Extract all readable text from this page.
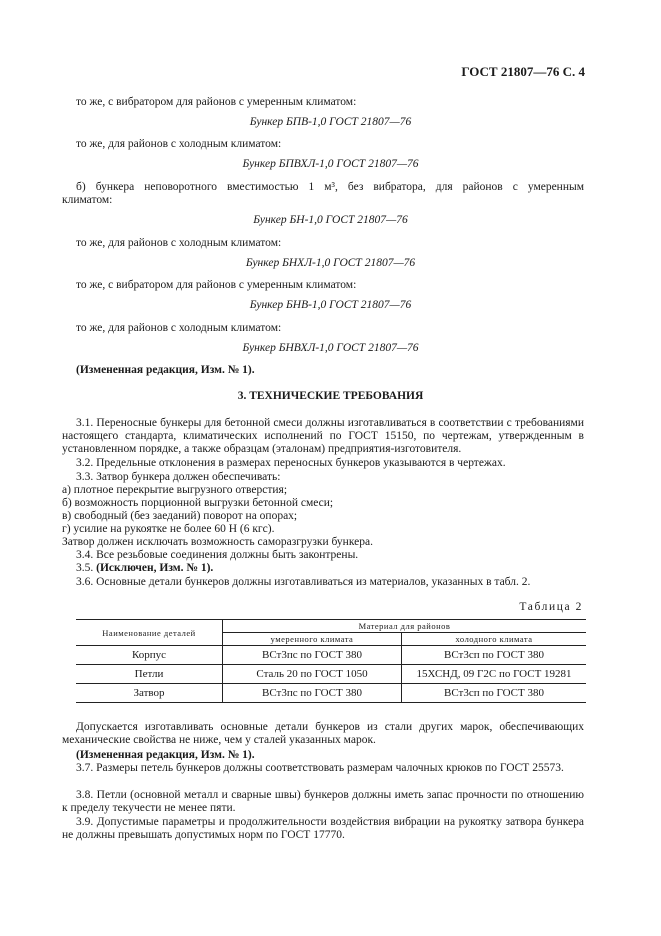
ГОСТ 21807—76 С. 4
то же, с вибратором для районов с умеренным климатом:
Бункер БПВ-1,0 ГОСТ 21807—76
то же, для районов с холодным климатом:
Бункер БПВХЛ-1,0 ГОСТ 21807—76
б) бункера неповоротного вместимостью 1 м³, без вибратора, для районов с умеренным
климатом:
Бункер БН-1,0 ГОСТ 21807—76
то же, для районов с холодным климатом:
Бункер БНХЛ-1,0 ГОСТ 21807—76
то же, с вибратором для районов с умеренным климатом:
Бункер БНВ-1,0 ГОСТ 21807—76
то же, для районов с холодным климатом:
Бункер БНВХЛ-1,0 ГОСТ 21807—76
(Измененная редакция, Изм. № 1).
3. ТЕХНИЧЕСКИЕ ТРЕБОВАНИЯ
3.1. Переносные бункеры для бетонной смеси должны изготавливаться в соответствии с требованиями настоящего стандарта, климатических исполнений по ГОСТ 15150, по чертежам, утвержденным в установленном порядке, а также образцам (эталонам) предприятия-изготовителя.
3.2. Предельные отклонения в размерах переносных бункеров указываются в чертежах.
3.3. Затвор бункера должен обеспечивать:
а) плотное перекрытие выгрузного отверстия;
б) возможность порционной выгрузки бетонной смеси;
в) свободный (без заеданий) поворот на опорах;
г) усилие на рукоятке не более 60 Н (6 кгс).
Затвор должен исключать возможность саморазгрузки бункера.
3.4. Все резьбовые соединения должны быть законтрены.
3.5. (Исключен, Изм. № 1).
3.6. Основные детали бункеров должны изготавливаться из материалов, указанных в табл. 2.
Таблица 2
Наименование деталей	Материал для районов	
	умеренного климата	холодного климата
Корпус	ВСт3пс по ГОСТ 380	ВСт3сп по ГОСТ 380
Петли	Сталь 20 по ГОСТ 1050	15ХСНД, 09 Г2С по ГОСТ 19281
Затвор	ВСт3пс по ГОСТ 380	ВСт3сп по ГОСТ 380
Допускается изготавливать основные детали бункеров из стали других марок, обеспечивающих механические свойства не ниже, чем у сталей указанных марок.
(Измененная редакция, Изм. № 1).
3.7. Размеры петель бункеров должны соответствовать размерам чалочных крюков по ГОСТ 25573.
3.8. Петли (основной металл и сварные швы) бункеров должны иметь запас прочности по отношению к пределу текучести не менее пяти.
3.9. Допустимые параметры и продолжительности воздействия вибрации на рукоятку затвора бункера не должны превышать допустимых норм по ГОСТ 17770.
